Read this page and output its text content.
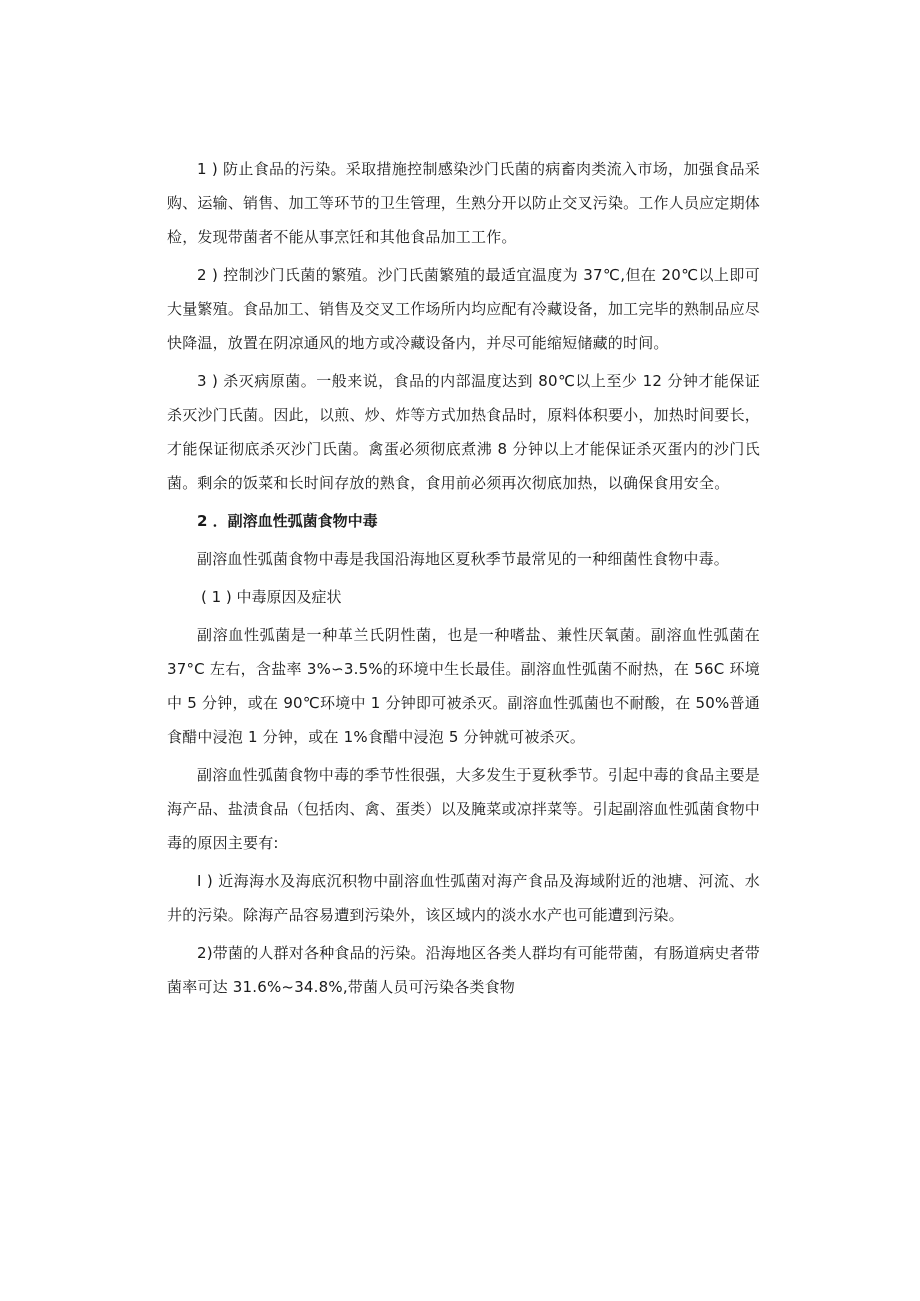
1 ) 防止食品的污染。采取措施控制感染沙门氏菌的病畜肉类流入市场，加强食品采购、运输、销售、加工等环节的卫生管理，生熟分开以防止交叉污染。工作人员应定期体检，发现带菌者不能从事烹饪和其他食品加工工作。

2 ) 控制沙门氏菌的繁殖。沙门氏菌繁殖的最适宜温度为 37℃,但在 20℃以上即可大量繁殖。食品加工、销售及交叉工作场所内均应配有冷藏设备，加工完毕的熟制品应尽快降温，放置在阴凉通风的地方或冷藏设备内，并尽可能缩短储藏的时间。

3 ) 杀灭病原菌。一般来说，食品的内部温度达到 80℃以上至少 12 分钟才能保证杀灭沙门氏菌。因此，以煎、炒、炸等方式加热食品时，原料体积要小，加热时间要长，才能保证彻底杀灭沙门氏菌。禽蛋必须彻底煮沸 8 分钟以上才能保证杀灭蛋内的沙门氏菌。剩余的饭菜和长时间存放的熟食，食用前必须再次彻底加热，以确保食用安全。

2 ．副溶血性弧菌食物中毒

副溶血性弧菌食物中毒是我国沿海地区夏秋季节最常见的一种细菌性食物中毒。

( 1 ) 中毒原因及症状

副溶血性弧菌是一种革兰氏阴性菌，也是一种嗜盐、兼性厌氧菌。副溶血性弧菌在 37°C 左右，含盐率 3%∽3.5%的环境中生长最佳。副溶血性弧菌不耐热，在 56C 环境中 5 分钟，或在 90℃环境中 1 分钟即可被杀灭。副溶血性弧菌也不耐酸，在 50%普通食醋中浸泡 1 分钟，或在 1%食醋中浸泡 5 分钟就可被杀灭。

副溶血性弧菌食物中毒的季节性很强，大多发生于夏秋季节。引起中毒的食品主要是海产品、盐渍食品（包括肉、禽、蛋类）以及腌菜或凉拌菜等。引起副溶血性弧菌食物中毒的原因主要有:

I ) 近海海水及海底沉积物中副溶血性弧菌对海产食品及海域附近的池塘、河流、水井的污染。除海产品容易遭到污染外，该区域内的淡水水产也可能遭到污染。

2)带菌的人群对各种食品的污染。沿海地区各类人群均有可能带菌，有肠道病史者带菌率可达 31.6%~34.8%,带菌人员可污染各类食物
